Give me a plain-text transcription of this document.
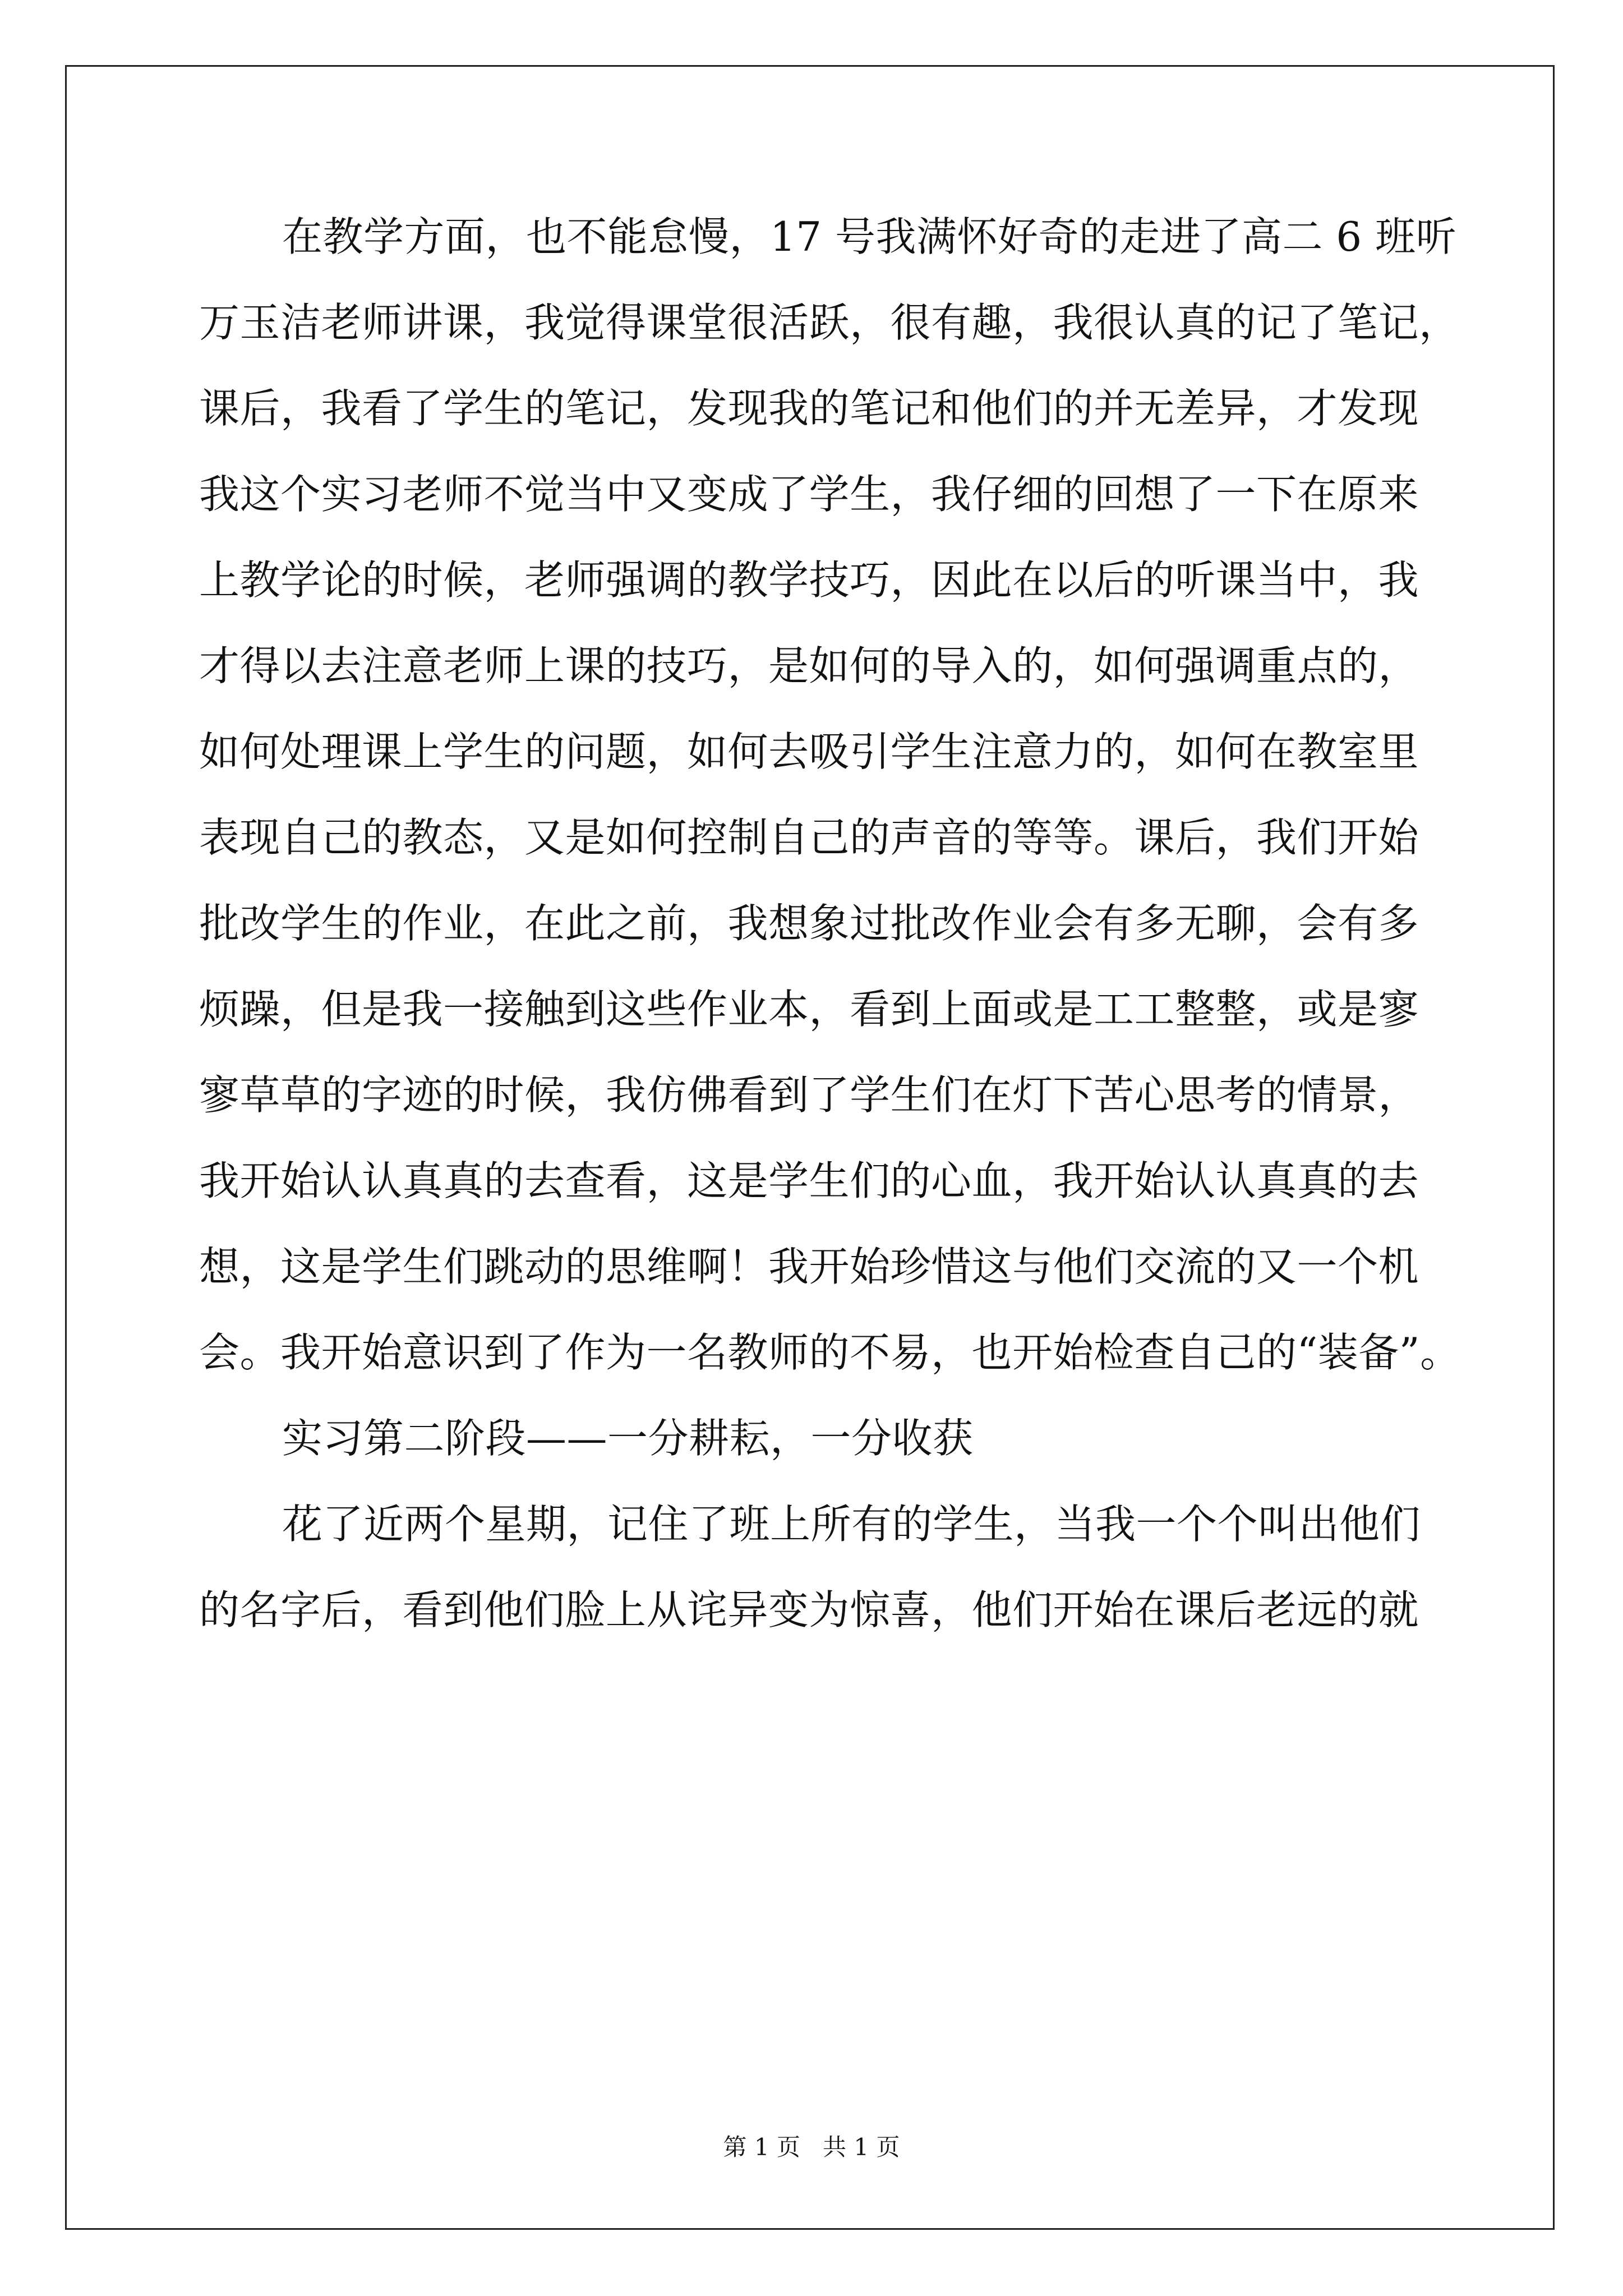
在教学方面，也不能怠慢，17 号我满怀好奇的走进了高二 6 班听
万玉洁老师讲课，我觉得课堂很活跃，很有趣，我很认真的记了笔记，
课后，我看了学生的笔记，发现我的笔记和他们的并无差异，才发现
我这个实习老师不觉当中又变成了学生，我仔细的回想了一下在原来
上教学论的时候，老师强调的教学技巧，因此在以后的听课当中，我
才得以去注意老师上课的技巧，是如何的导入的，如何强调重点的，
如何处理课上学生的问题，如何去吸引学生注意力的，如何在教室里
表现自己的教态，又是如何控制自己的声音的等等。课后，我们开始
批改学生的作业，在此之前，我想象过批改作业会有多无聊，会有多
烦躁，但是我一接触到这些作业本，看到上面或是工工整整，或是寥
寥草草的字迹的时候，我仿佛看到了学生们在灯下苦心思考的情景，
我开始认认真真的去查看，这是学生们的心血，我开始认认真真的去
想，这是学生们跳动的思维啊！我开始珍惜这与他们交流的又一个机
会。我开始意识到了作为一名教师的不易，也开始检查自己的“装备”。
实习第二阶段——一分耕耘，一分收获
花了近两个星期，记住了班上所有的学生，当我一个个叫出他们
的名字后，看到他们脸上从诧异变为惊喜，他们开始在课后老远的就
第 1 页   共 1 页
